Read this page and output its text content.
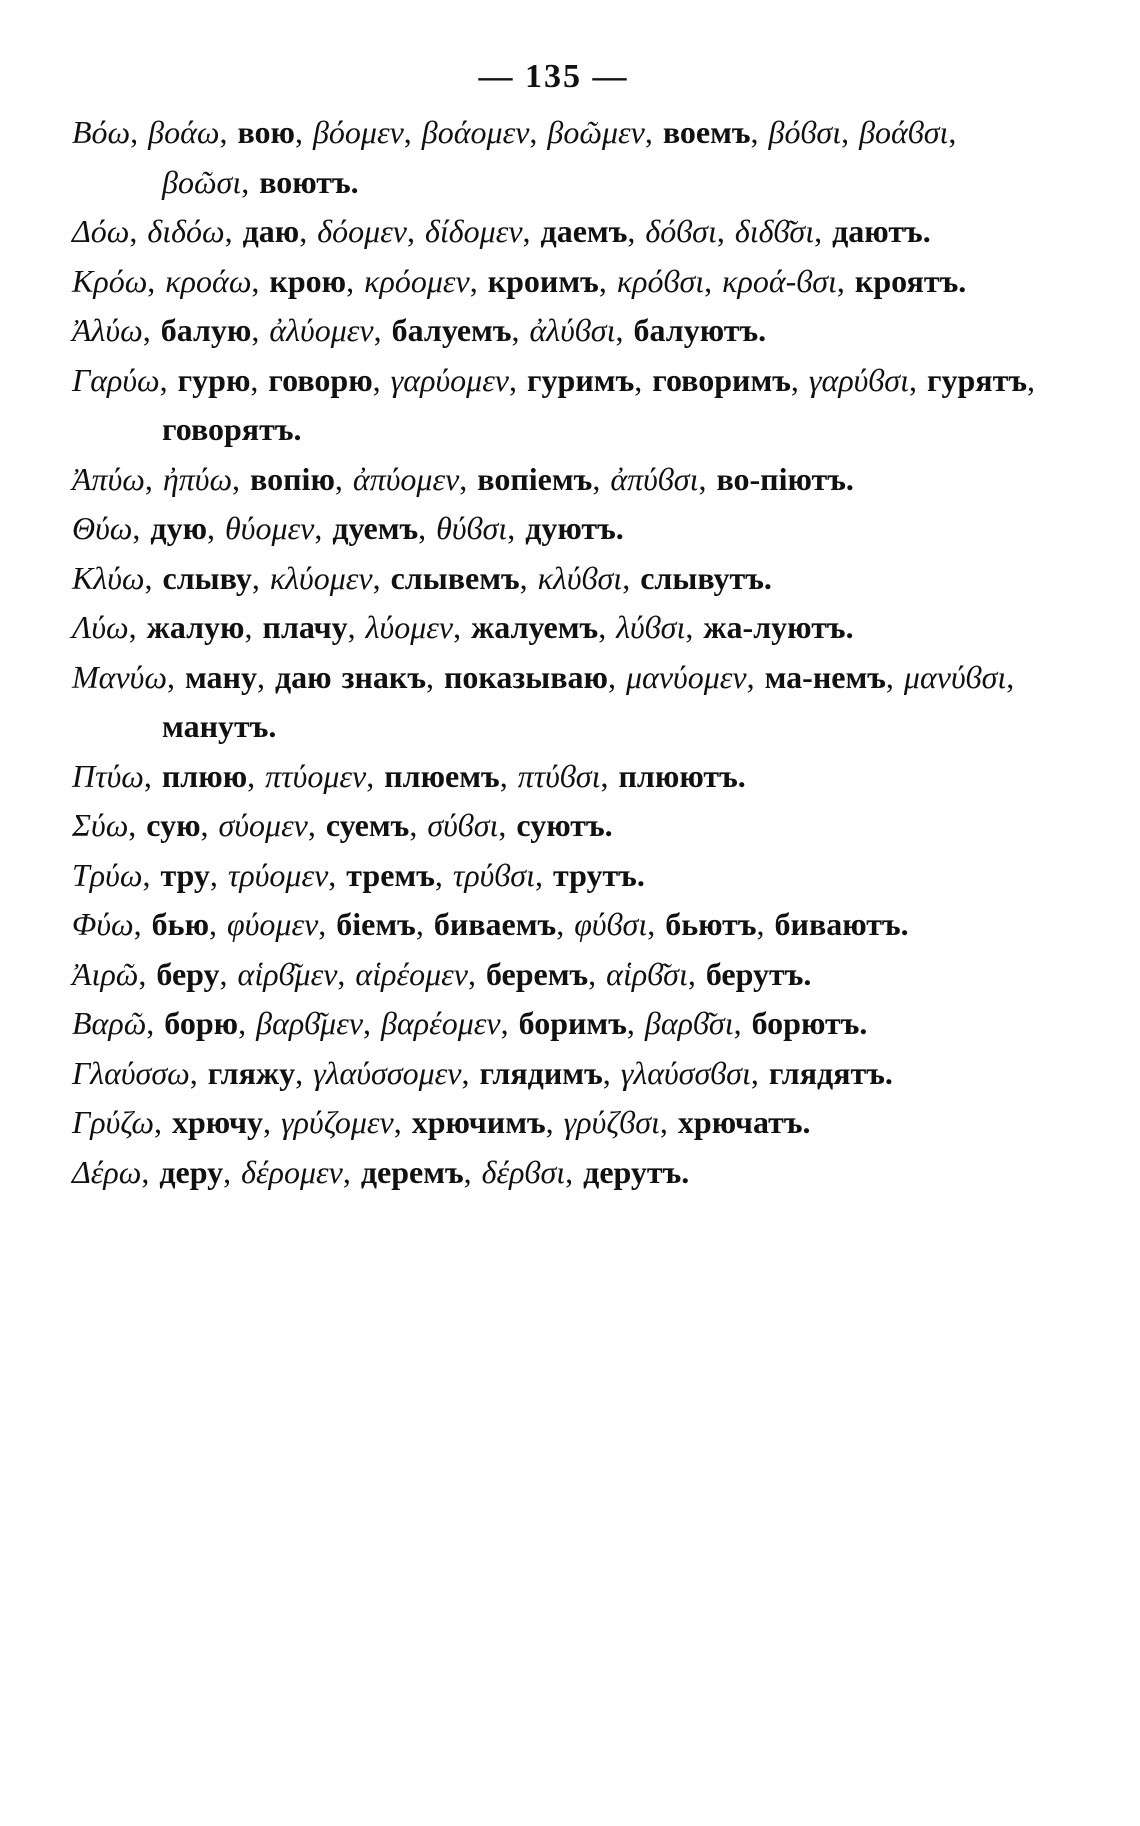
— 135 —

Βόω, βοάω, вою, βόομεν, βοάομεν, βοῶμεν, воемъ, βόϐσι, βοάϐσι, βοῶσι, воютъ.

Δόω, διδόω, даю, δόομεν, δίδομεν, даемъ, δόϐσι, διδϐ͂σι, даютъ.

Κρόω, κροάω, крою, κρόομεν, кроимъ, κρόϐσι, κροά-ϐσι, кроятъ.

Ἀλύω, балую, ἀλύομεν, балуемъ, ἀλύϐσι, балуютъ.

Γαρύω, гурю, говорю, γαρύομεν, гуримъ, говоримъ, γαρύϐσι, гурятъ, говорятъ.

Ἀπύω, ἠπύω, вопію, ἀπύομεν, вопіемъ, ἀπύϐσι, во-піютъ.

Θύω, дую, θύομεν, дуемъ, θύϐσι, дуютъ.

Κλύω, слыву, κλύομεν, слывемъ, κλύϐσι, слывутъ.

Λύω, жалую, плачу, λύομεν, жалуемъ, λύϐσι, жа-луютъ.

Μανύω, ману, даю знакъ, показываю, μανύομεν, ма-немъ, μανύϐσι, манутъ.

Πτύω, плюю, πτύομεν, плюемъ, πτύϐσι, плюютъ.

Σύω, сую, σύομεν, суемъ, σύϐσι, суютъ.

Τρύω, тру, τρύομεν, тремъ, τρύϐσι, трутъ.

Φύω, бью, φύομεν, біемъ, биваемъ, φύϐσι, бьютъ, биваютъ.

Ἀιρῶ, беру, αἱρϐ͂μεν, αἱρέομεν, беремъ, αἱρϐ͂σι, берутъ.

Βαρῶ, борю, βαρϐ͂μεν, βαρέομεν, боримъ, βαρϐ͂σι, борютъ.

Γλαύσσω, гляжу, γλαύσσομεν, глядимъ, γλαύσσϐσι, глядятъ.

Γρύζω, хрючу, γρύζομεν, хрючимъ, γρύζϐσι, хрючатъ.

Δέρω, деру, δέρομεν, деремъ, δέρϐσι, дерутъ.
